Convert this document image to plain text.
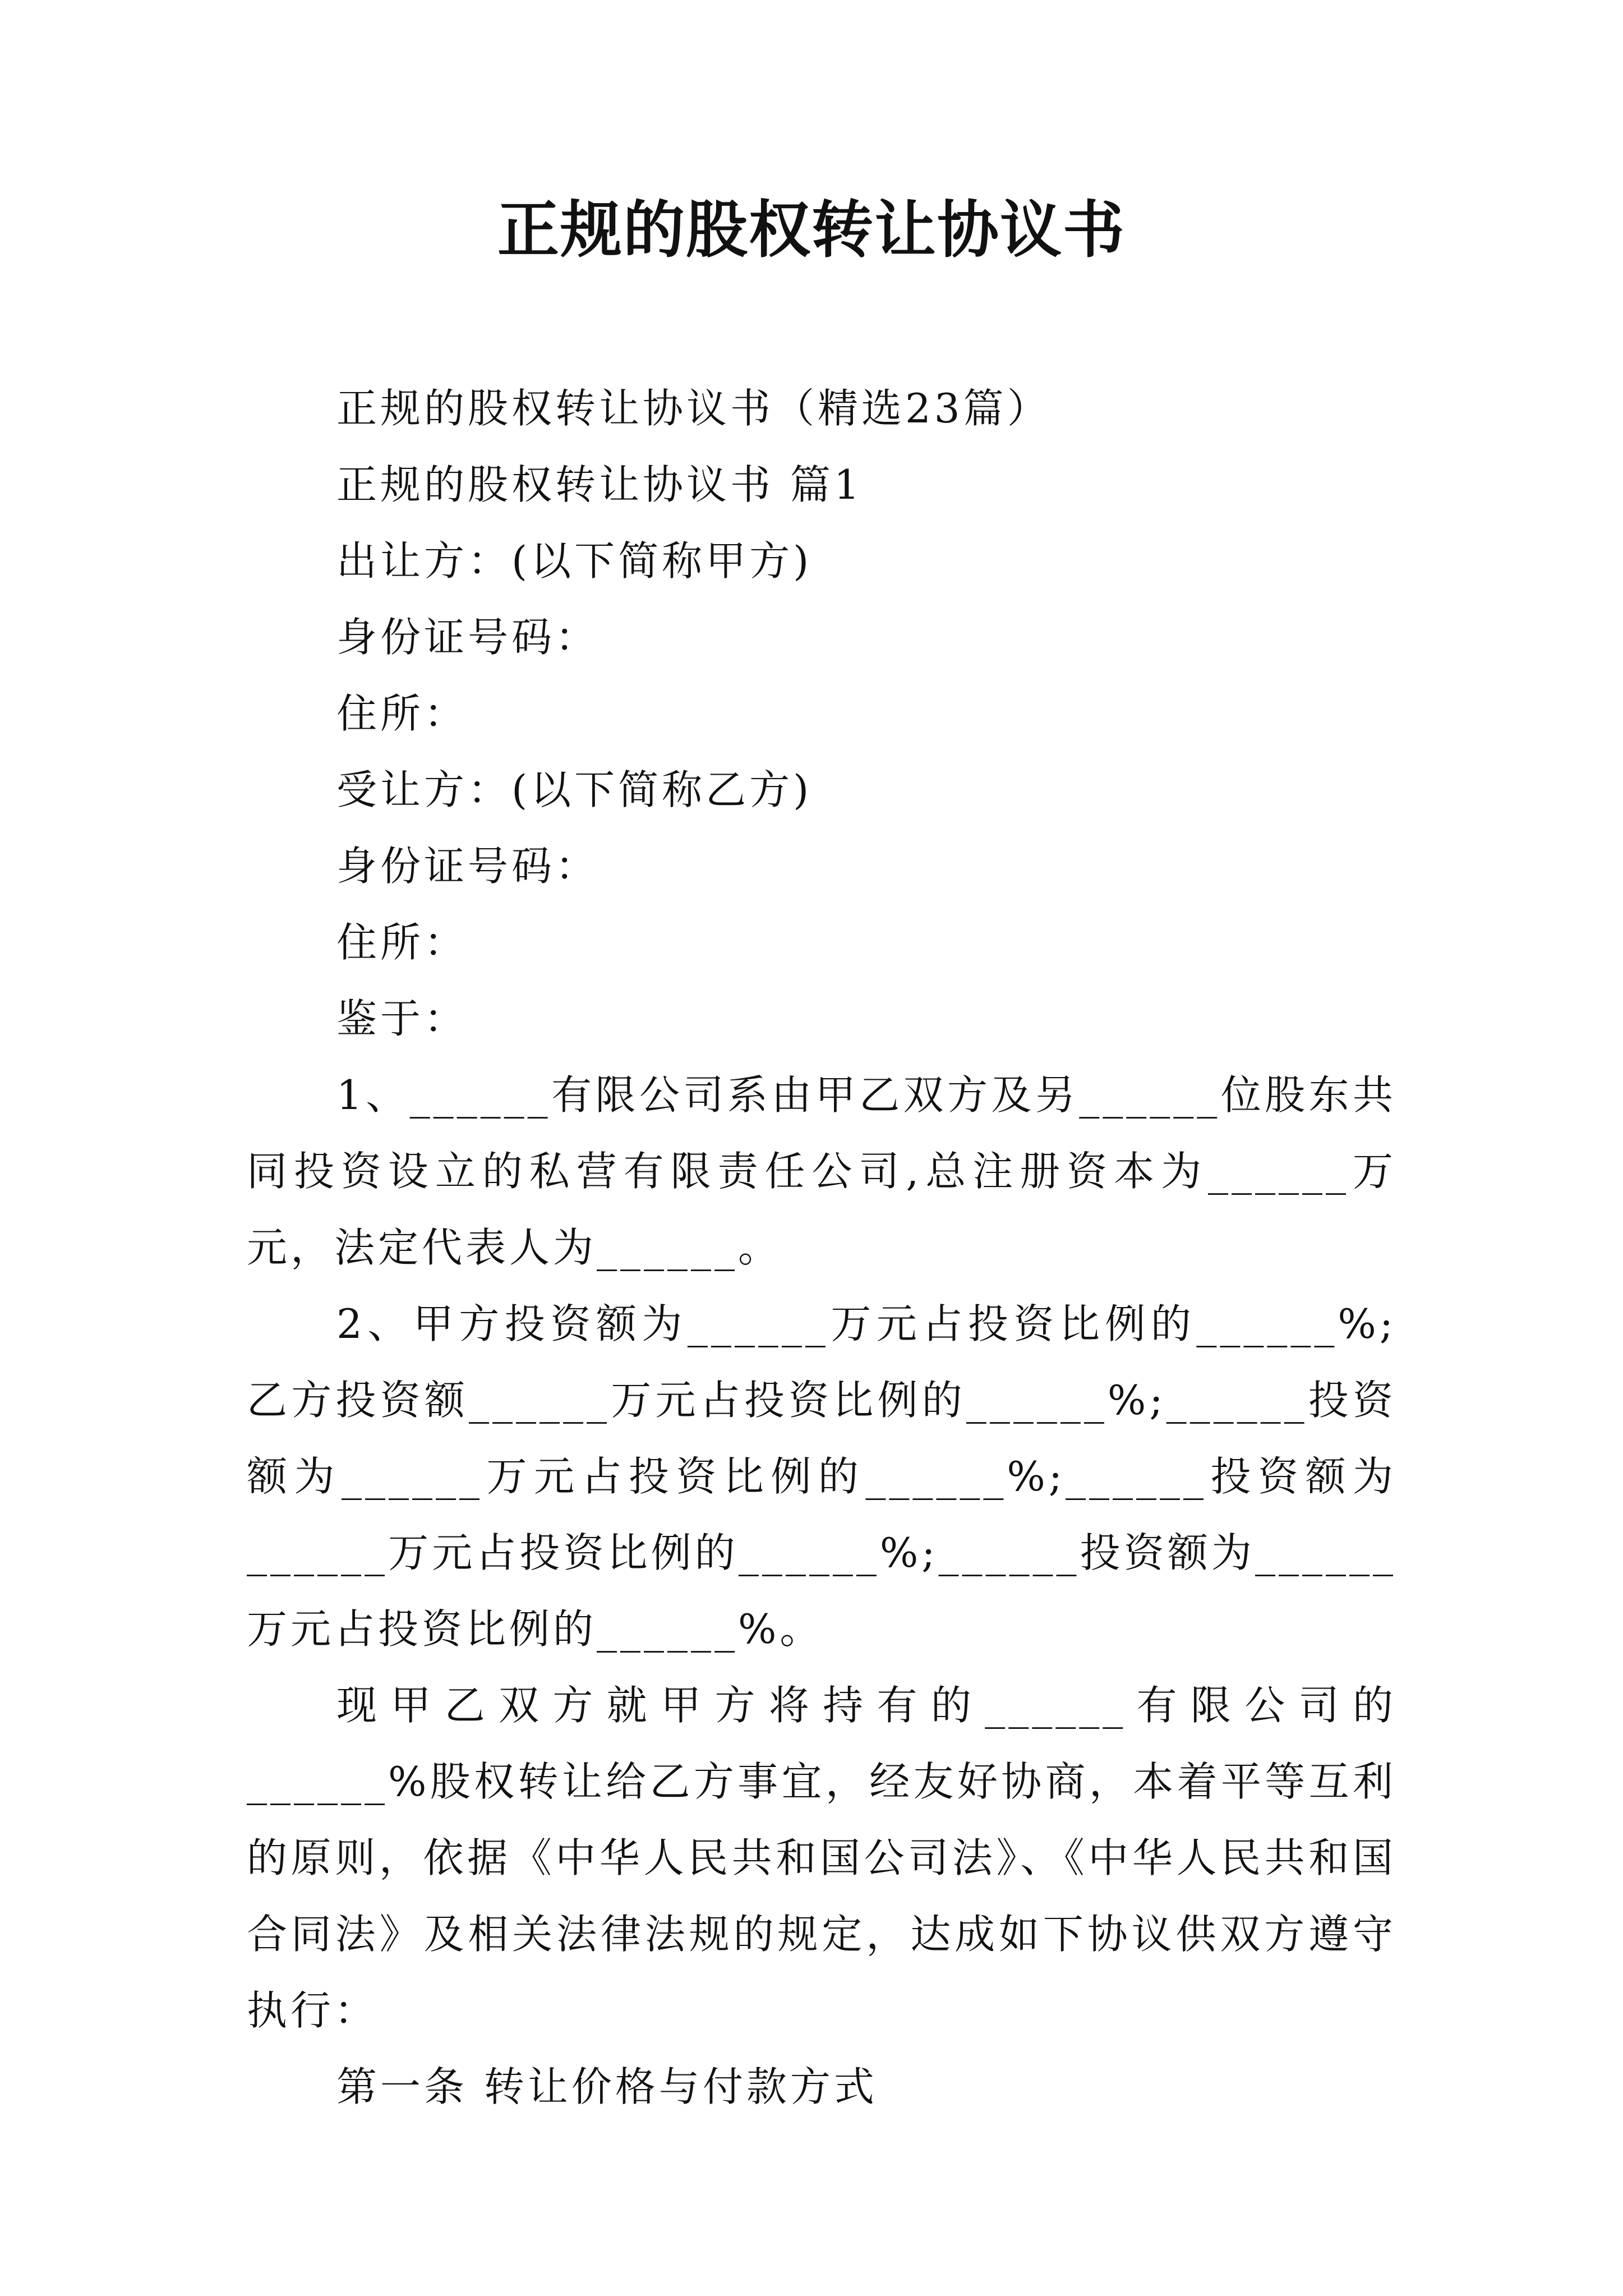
正规的股权转让协议书
正规的股权转让协议书（精选23篇）
正规的股权转让协议书 篇1
出让方：(以下简称甲方)
身份证号码：
住所：
受让方：(以下简称乙方)
身份证号码：
住所：
鉴于：
1、______有限公司系由甲乙双方及另______位股东共同投资设立的私营有限责任公司,总注册资本为______万元，法定代表人为______。
2、甲方投资额为______万元占投资比例的______%;乙方投资额______万元占投资比例的______%;______投资额为______万元占投资比例的______%;______投资额为______万元占投资比例的______%;______投资额为______万元占投资比例的______%。
现甲乙双方就甲方将持有的______有限公司的______%股权转让给乙方事宜，经友好协商，本着平等互利的原则，依据《中华人民共和国公司法》、《中华人民共和国合同法》及相关法律法规的规定，达成如下协议供双方遵守执行：
第一条 转让价格与付款方式
